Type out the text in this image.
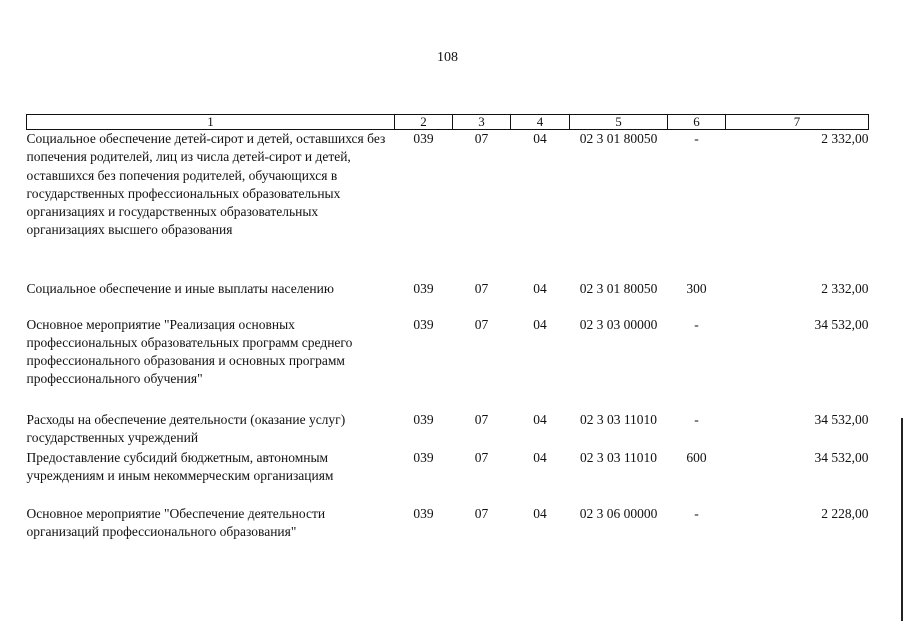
108
1	2	3	4	5	6	7
Социальное обеспечение детей-сирот и детей, оставшихся без попечения родителей, лиц из числа детей-сирот и детей, оставшихся без попечения родителей, обучающихся в государственных профессиональных образовательных организациях и государственных образовательных организациях высшего образования	039	07	04	02 3 01 80050	-	2 332,00
Социальное обеспечение и иные выплаты населению	039	07	04	02 3 01 80050	300	2 332,00
Основное мероприятие "Реализация основных профессиональных образовательных программ среднего профессионального образования и основных программ профессионального обучения"	039	07	04	02 3 03 00000	-	34 532,00
Расходы на обеспечение деятельности (оказание услуг) государственных учреждений	039	07	04	02 3 03 11010	-	34 532,00
Предоставление субсидий бюджетным, автономным учреждениям и иным некоммерческим организациям	039	07	04	02 3 03 11010	600	34 532,00
Основное мероприятие "Обеспечение деятельности организаций профессионального образования"	039	07	04	02 3 06 00000	-	2 228,00
